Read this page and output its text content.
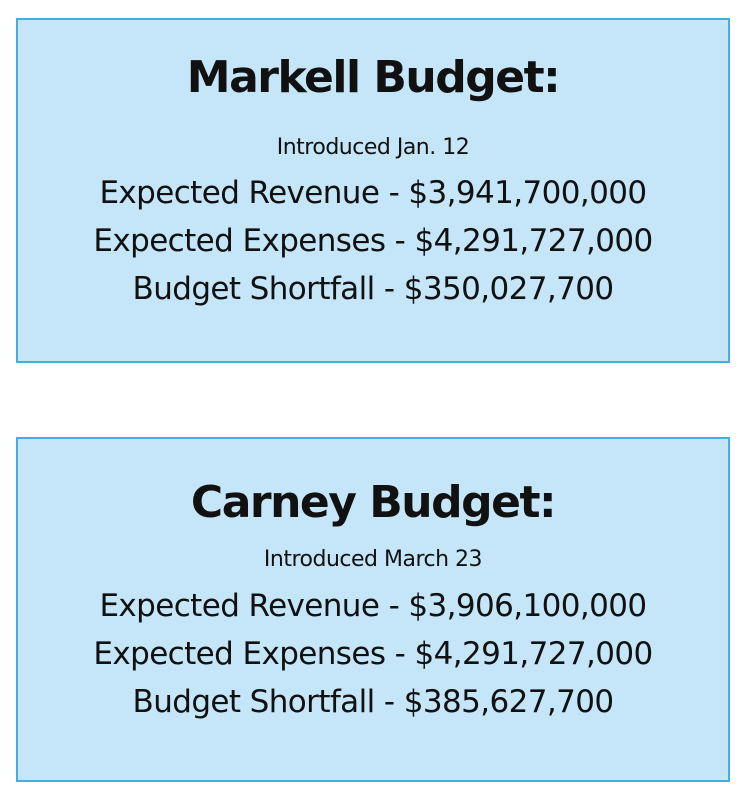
Markell Budget:
Introduced Jan. 12
Expected Revenue - $3,941,700,000
Expected Expenses - $4,291,727,000
Budget Shortfall - $350,027,700
Carney Budget:
Introduced March 23
Expected Revenue - $3,906,100,000
Expected Expenses - $4,291,727,000
Budget Shortfall - $385,627,700
